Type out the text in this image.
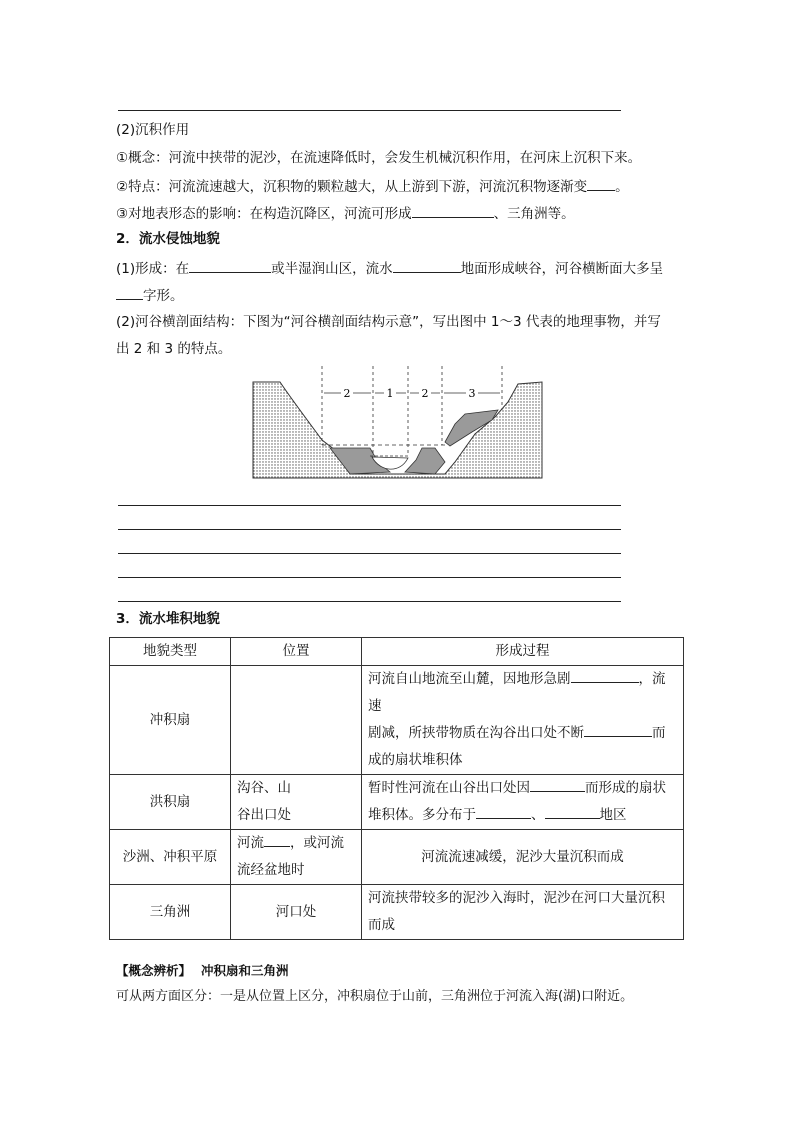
(2)沉积作用
①概念：河流中挟带的泥沙，在流速降低时，会发生机械沉积作用，在河床上沉积下来。
②特点：河流流速越大，沉积物的颗粒越大，从上游到下游，河流沉积物逐渐变 。
③对地表形态的影响：在构造沉降区，河流可形成	、三角洲等。
2．流水侵蚀地貌
(1)形成：在	或半湿润山区，流水	地面形成峡谷，河谷横断面大多呈
字形。
(2)河谷横剖面结构：下图为“河谷横剖面结构示意”，写出图中 1～3 代表的地理事物，并写
出 2 和 3 的特点。
2	1	2	3
3．流水堆积地貌
地貌类型	位置	形成过程
冲积扇		河流自山地流至山麓，因地形急剧 ，流速
剧减，所挟带物质在沟谷出口处不断 而
成的扇状堆积体
洪积扇	沟谷、山
谷出口处	暂时性河流在山谷出口处因 而形成的扇状
堆积体。多分布于 、 地区
沙洲、冲积平原	河流 ，或河流
流经盆地时	河流流速减缓，泥沙大量沉积而成
三角洲	河口处	河流挟带较多的泥沙入海时，泥沙在河口大量沉积
而成
【概念辨析】 冲积扇和三角洲
可从两方面区分：一是从位置上区分，冲积扇位于山前，三角洲位于河流入海(湖)口附近。
